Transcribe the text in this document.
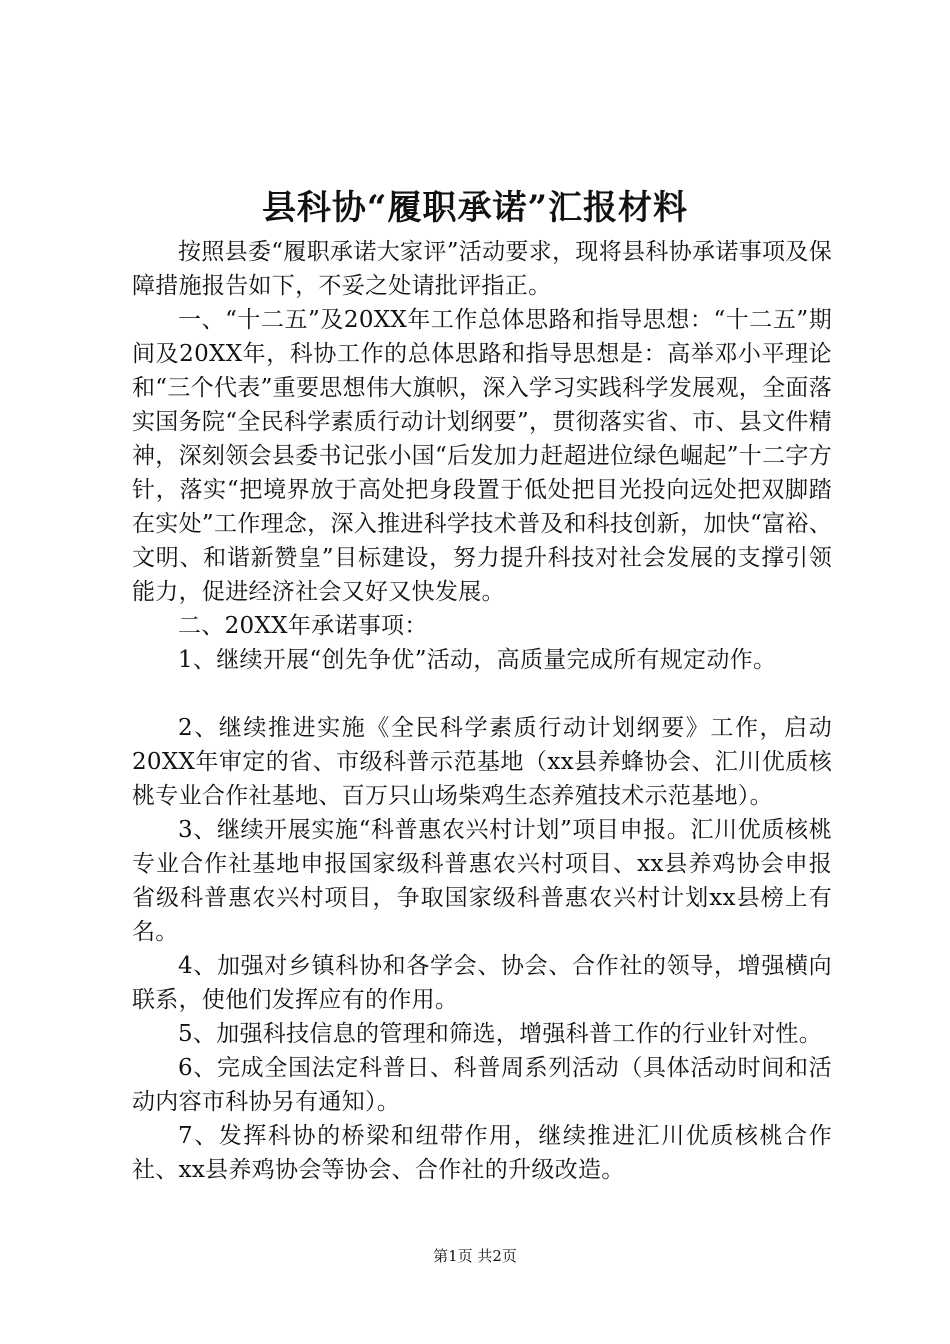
县科协“履职承诺”汇报材料

按照县委“履职承诺大家评”活动要求，现将县科协承诺事项及保障措施报告如下，不妥之处请批评指正。

一、“十二五”及20XX年工作总体思路和指导思想：“十二五”期间及20XX年，科协工作的总体思路和指导思想是：高举邓小平理论和“三个代表”重要思想伟大旗帜，深入学习实践科学发展观，全面落实国务院“全民科学素质行动计划纲要”，贯彻落实省、市、县文件精神，深刻领会县委书记张小国“后发加力赶超进位绿色崛起”十二字方针，落实“把境界放于高处把身段置于低处把目光投向远处把双脚踏在实处”工作理念，深入推进科学技术普及和科技创新，加快“富裕、文明、和谐新赞皇”目标建设，努力提升科技对社会发展的支撑引领能力，促进经济社会又好又快发展。

二、20XX年承诺事项：

1、继续开展“创先争优”活动，高质量完成所有规定动作。

2、继续推进实施《全民科学素质行动计划纲要》工作，启动20XX年审定的省、市级科普示范基地（xx县养蜂协会、汇川优质核桃专业合作社基地、百万只山场柴鸡生态养殖技术示范基地）。

3、继续开展实施“科普惠农兴村计划”项目申报。汇川优质核桃专业合作社基地申报国家级科普惠农兴村项目、xx县养鸡协会申报省级科普惠农兴村项目，争取国家级科普惠农兴村计划xx县榜上有名。

4、加强对乡镇科协和各学会、协会、合作社的领导，增强横向联系，使他们发挥应有的作用。

5、加强科技信息的管理和筛选，增强科普工作的行业针对性。

6、完成全国法定科普日、科普周系列活动（具体活动时间和活动内容市科协另有通知）。

7、发挥科协的桥梁和纽带作用，继续推进汇川优质核桃合作社、xx县养鸡协会等协会、合作社的升级改造。

第1页 共2页
